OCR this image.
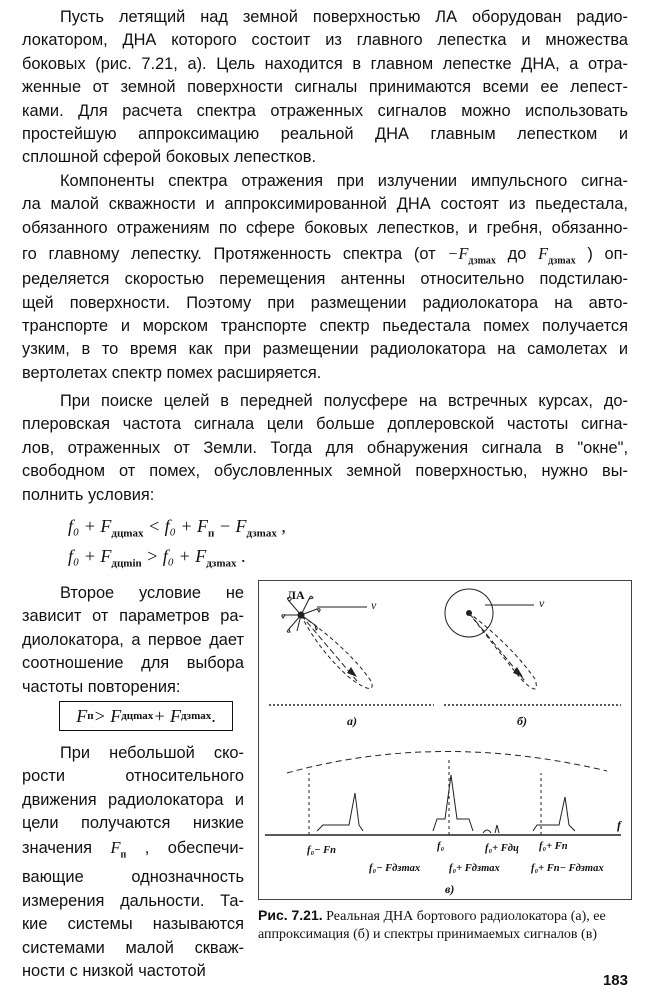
Пусть летящий над земной поверхностью ЛА оборудован радио-
локатором, ДНА которого состоит из главного лепестка и множества
боковых (рис. 7.21, а). Цель находится в главном лепестке ДНА, а отра-
женные от земной поверхности сигналы принимаются всеми ее лепест-
ками. Для расчета спектра отраженных сигналов можно использовать
простейшую аппроксимацию реальной ДНА главным лепестком и
сплошной сферой боковых лепестков.
Компоненты спектра отражения при излучении импульсного сигна-
ла малой скважности и аппроксимированной ДНА состоят из пьедестала,
обязанного отражениям по сфере боковых лепестков, и гребня, обязанно-
го главному лепестку. Протяженность спектра ($от -F_{дзmax}$ до $F_{дзmax}$ ) оп-
ределяется скоростью перемещения антенны относительно подстилаю-
щей поверхности. Поэтому при размещении радиолокатора на авто-
транспорте и морском транспорте спектр пьедестала помех получается
узким, в то время как при размещении радиолокатора на самолетах и
вертолетах спектр помех расширяется.
При поиске целей в передней полусфере на встречных курсах, до-
плеровская частота сигнала цели больше доплеровской частоты сигна-
лов, отраженных от Земли. Тогда для обнаружения сигнала в "окне",
свободном от помех, обусловленных земной поверхностью, нужно вы-
полнить условия:
$f_0 + F_{дцmax} < f_0 + F_п - F_{дзmax}$ ,
$f_0 + F_{дцmin} > f_0 + F_{дзmax}$ .
Второе условие не
зависит от параметров ра-
диолокатора, а первое дает
соотношение для выбора
частоты повторения:
F п > F дцmax + F дзmax .
При небольшой ско-
рости относительного
движения радиолокатора и
цели получаются низкие
значения $F_п$ , обеспечи-
вающие однозначность
измерения дальности. Та-
кие системы называются
системами малой скваж-
ности с низкой частотой
ЛА
v
а)
v
б)
f
f₀− Fп	f₀	f₀+ Fдц f₀+ Fп
f₀− Fдзmax	f₀+ Fдзmax	f₀+ Fп− Fдзmax
в)
Рис. 7.21. Реальная ДНА бортового радиолокатора (а), ее аппроксимация (б) и спектры принимаемых сигналов (в)
183
